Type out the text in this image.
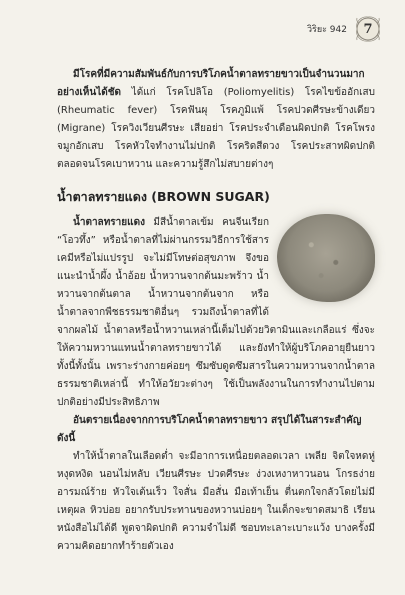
วิริยะ 942 7

มีโรคที่มีความสัมพันธ์กับการบริโภคน้ำตาลทรายขาวเป็นจำนวนมากอย่างเห็นได้ชัด ได้แก่ โรคโปลิโอ (Poliomyelitis) โรคไขข้ออักเสบ (Rheumatic fever) โรคฟันผุ โรคภูมิแพ้ โรคปวดศีรษะข้างเดียว (Migrane) โรควิงเวียนศีรษะ เสียอย่า โรคประจำเดือนผิดปกติ โรคโพรงจมูกอักเสบ โรคหัวใจทำงานไม่ปกติ โรคริดสีดวง โรคประสาทผิดปกติ ตลอดจนโรคเบาหวาน และความรู้สึกไม่สบายต่างๆ

น้ำตาลทรายแดง (BROWN SUGAR)

น้ำตาลทรายแดง มีสีน้ำตาลเข้ม คนจีนเรียก “โอวทึ้ง” หรือน้ำตาลที่ไม่ผ่านกรรมวิธีการใช้สารเคมีหรือไม่แปรรูป จะไม่มีโทษต่อสุขภาพ จึงขอแนะนำน้ำผึ้ง น้ำอ้อย น้ำหวานจากต้นมะพร้าว น้ำหวานจากต้นตาล น้ำหวานจากต้นจาก หรือน้ำตาลจากพืชธรรมชาติอื่นๆ รวมถึงน้ำตาลที่ได้จากผลไม้ น้ำตาลหรือน้ำหวานเหล่านี้เต็มไปด้วยวิตามินและเกลือแร่ ซึ่งจะให้ความหวานแทนน้ำตาลทรายขาวได้ และยังทำให้ผู้บริโภคอายุยืนยาวทั้งนี้ทั้งนั้น เพราะร่างกายค่อยๆ ซึมซับดูดซึมสารในความหวานจากน้ำตาลธรรมชาติเหล่านี้ ทำให้อวัยวะต่างๆ ใช้เป็นพลังงานในการทำงานไปตามปกติอย่างมีประสิทธิภาพ

อันตรายเนื่องจากการบริโภคน้ำตาลทรายขาว สรุปได้ในสาระสำคัญดังนี้

ทำให้น้ำตาลในเลือดต่ำ จะมีอาการเหนื่อยตลอดเวลา เพลีย จิตใจหดหู่ หงุดหงิด นอนไม่หลับ เวียนศีรษะ ปวดศีรษะ ง่วงเหงาหาวนอน โกรธง่าย อารมณ์ร้าย หัวใจเต้นเร็ว ใจสั่น มือสั่น มือเท้าเย็น ตื่นตกใจกลัวโดยไม่มีเหตุผล หิวบ่อย อยากรับประทานของหวานบ่อยๆ ในเด็กจะขาดสมาธิ เรียนหนังสือไม่ได้ดี พูดจาผิดปกติ ความจำไม่ดี ชอบทะเลาะเบาะแว้ง บางครั้งมีความคิดอยากทำร้ายตัวเอง
